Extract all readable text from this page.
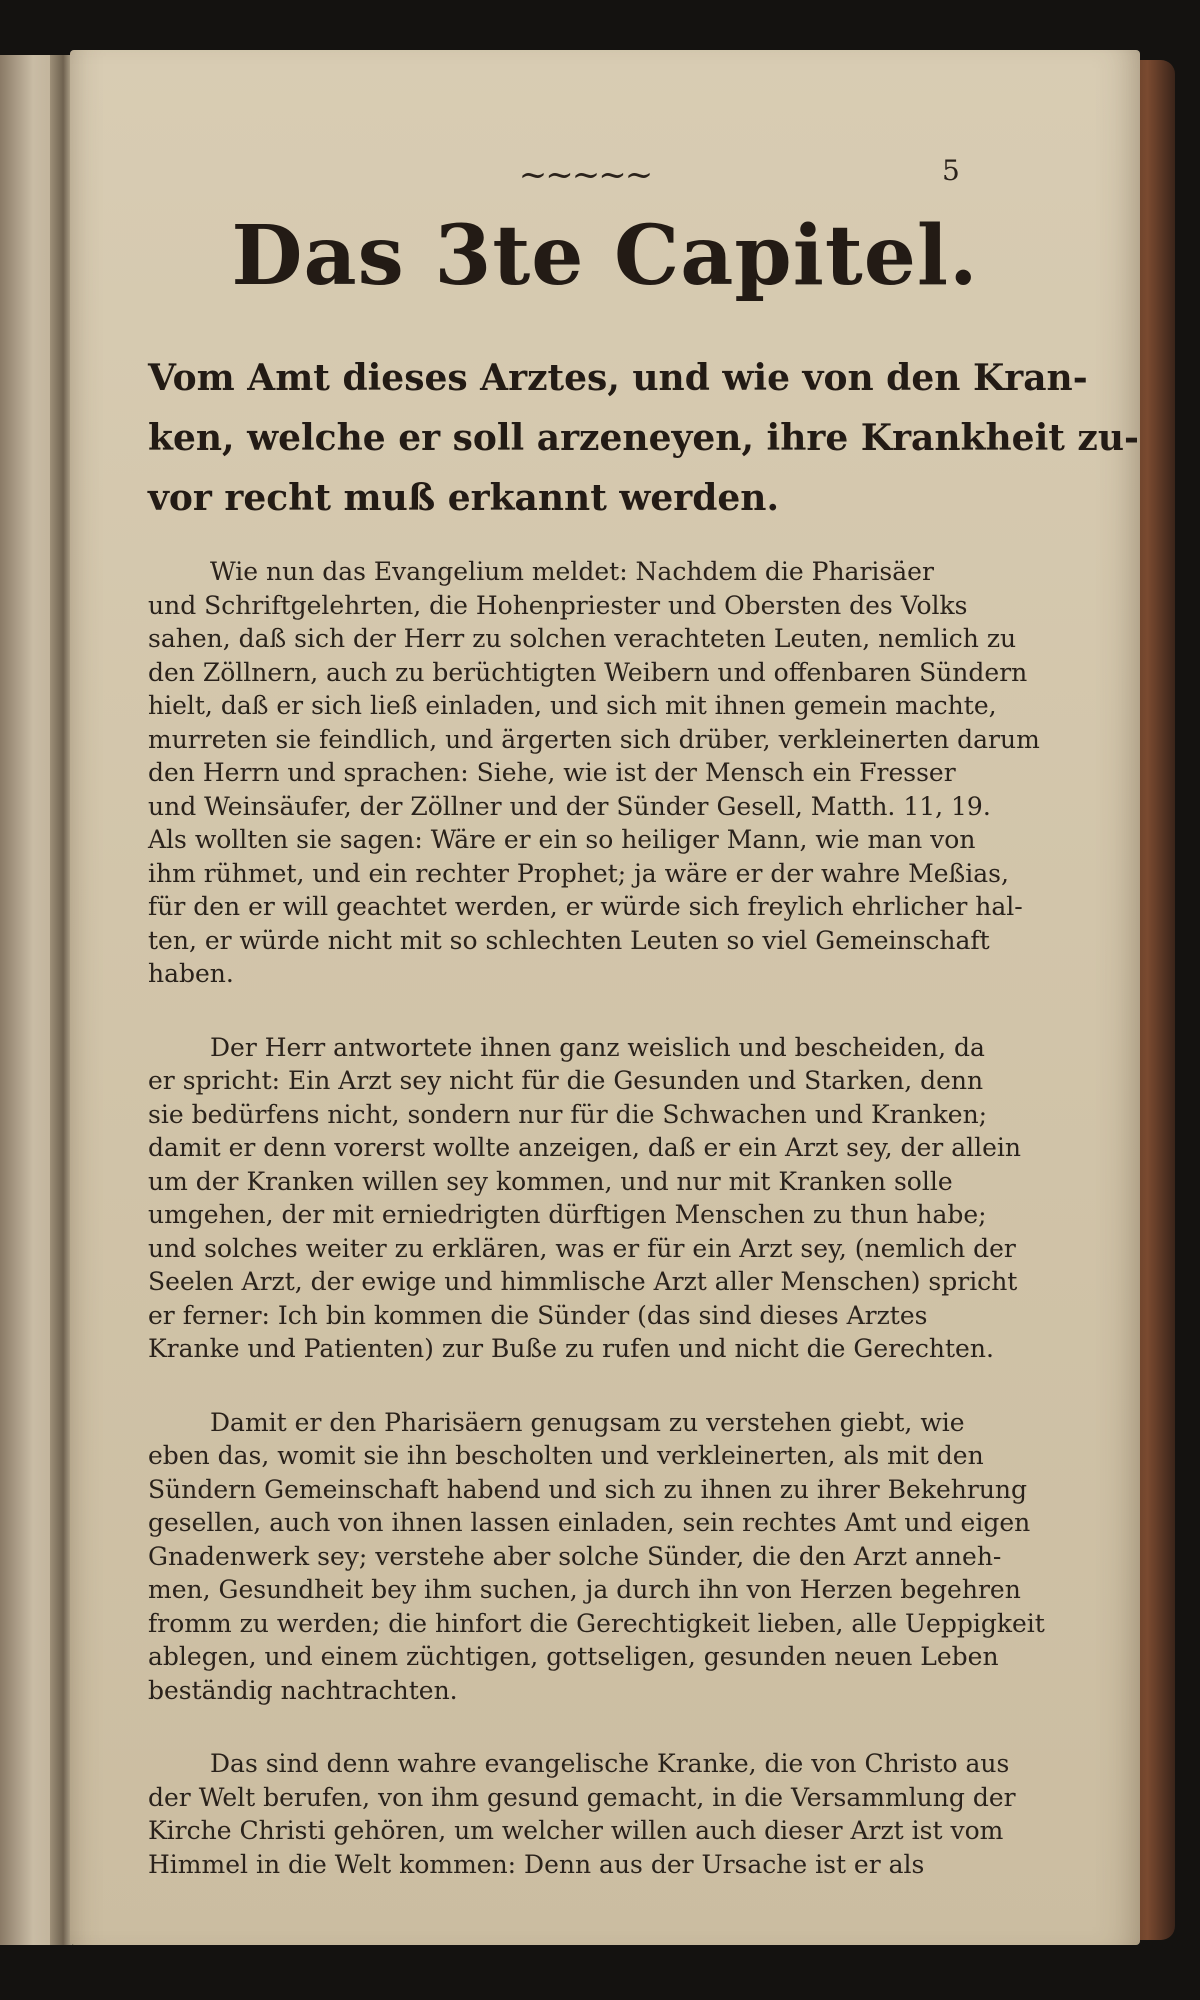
~~~~~	5
Das 3te Capitel.
Vom Amt dieses Arztes, und wie von den Kran-
ken, welche er soll arzeneyen, ihre Krankheit zu-
vor recht muß erkannt werden.
Wie nun das Evangelium meldet: Nachdem die Pharisäer
und Schriftgelehrten, die Hohenpriester und Obersten des Volks
sahen, daß sich der Herr zu solchen verachteten Leuten, nemlich zu
den Zöllnern, auch zu berüchtigten Weibern und offenbaren Sündern
hielt, daß er sich ließ einladen, und sich mit ihnen gemein machte,
murreten sie feindlich, und ärgerten sich drüber, verkleinerten darum
den Herrn und sprachen: Siehe, wie ist der Mensch ein Fresser
und Weinsäufer, der Zöllner und der Sünder Gesell, Matth. 11, 19.
Als wollten sie sagen: Wäre er ein so heiliger Mann, wie man von
ihm rühmet, und ein rechter Prophet; ja wäre er der wahre Meßias,
für den er will geachtet werden, er würde sich freylich ehrlicher hal-
ten, er würde nicht mit so schlechten Leuten so viel Gemeinschaft
haben.
Der Herr antwortete ihnen ganz weislich und bescheiden, da
er spricht: Ein Arzt sey nicht für die Gesunden und Starken, denn
sie bedürfens nicht, sondern nur für die Schwachen und Kranken;
damit er denn vorerst wollte anzeigen, daß er ein Arzt sey, der allein
um der Kranken willen sey kommen, und nur mit Kranken solle
umgehen, der mit erniedrigten dürftigen Menschen zu thun habe;
und solches weiter zu erklären, was er für ein Arzt sey, (nemlich der
Seelen Arzt, der ewige und himmlische Arzt aller Menschen) spricht
er ferner: Ich bin kommen die Sünder (das sind dieses Arztes
Kranke und Patienten) zur Buße zu rufen und nicht die Gerechten.
Damit er den Pharisäern genugsam zu verstehen giebt, wie
eben das, womit sie ihn bescholten und verkleinerten, als mit den
Sündern Gemeinschaft habend und sich zu ihnen zu ihrer Bekehrung
gesellen, auch von ihnen lassen einladen, sein rechtes Amt und eigen
Gnadenwerk sey; verstehe aber solche Sünder, die den Arzt anneh-
men, Gesundheit bey ihm suchen, ja durch ihn von Herzen begehren
fromm zu werden; die hinfort die Gerechtigkeit lieben, alle Ueppigkeit
ablegen, und einem züchtigen, gottseligen, gesunden neuen Leben
beständig nachtrachten.
Das sind denn wahre evangelische Kranke, die von Christo aus
der Welt berufen, von ihm gesund gemacht, in die Versammlung der
Kirche Christi gehören, um welcher willen auch dieser Arzt ist vom
Himmel in die Welt kommen: Denn aus der Ursache ist er als
